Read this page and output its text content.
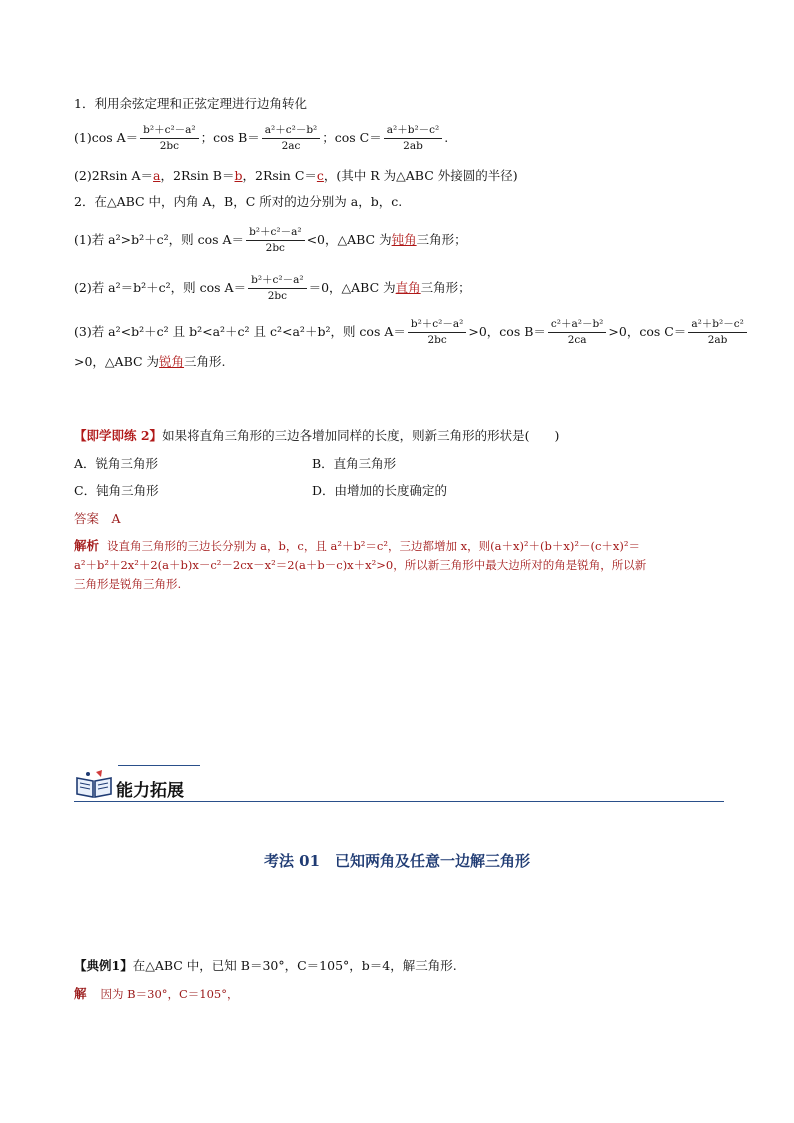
1．利用余弦定理和正弦定理进行边角转化
(1)cos $A= \frac{\text{b²＋c²－a²}}{2bc}$ ；$\cos B= \frac{\text{a²＋c²－b²}}{2ac}$ ；$\cos C= \frac{\text{a²＋b²－c²}}{2ab}$ .
(2)2Rsin A＝a，2Rsin B＝b，2Rsin C＝c，(其中 R 为△ABC 外接圆的半径)
2．在△ABC 中，内角 A，B，C 所对的边分别为 a，b，c.
(1)若 a²>b²＋c²，则 $\cos A= \frac{\text{b²＋c²－a²}}{2bc} <0$，△ABC 为钝角三角形；
(2)若 a²＝b²＋c²，则 $\cos A= \frac{\text{b²＋c²－a²}}{2bc} =0$，△ABC 为直角三角形；
(3)若 a²<b²＋c² 且 b²<a²＋c² 且 c²<a²＋b²，则 $\cos A= \frac{\text{b²＋c²－a²}}{2bc} >0$，$\cos B= \frac{\text{c²＋a²－b²}}{2ca} >0$，$\cos C= \frac{\text{a²＋b²－c²}}{2ab}$
>0，△ABC 为锐角三角形.
【即学即练 2】如果将直角三角形的三边各增加同样的长度，则新三角形的形状是(　　)
A．锐角三角形	B．直角三角形
C．钝角三角形	D．由增加的长度确定的
答案　A
解析 设直角三角形的三边长分别为 a，b，c，且 a²＋b²＝c²，三边都增加 x，则(a＋x)²＋(b＋x)²－(c＋x)²＝
a²＋b²＋2x²＋2(a＋b)x－c²－2cx－x²＝2(a＋b－c)x＋x²>0，所以新三角形中最大边所对的角是锐角，所以新
三角形是锐角三角形.
能力拓展
考法 01　已知两角及任意一边解三角形
【典例1】在△ABC 中，已知 B＝30°，C＝105°，b＝4，解三角形.
解 因为 B＝30°，C＝105°，
